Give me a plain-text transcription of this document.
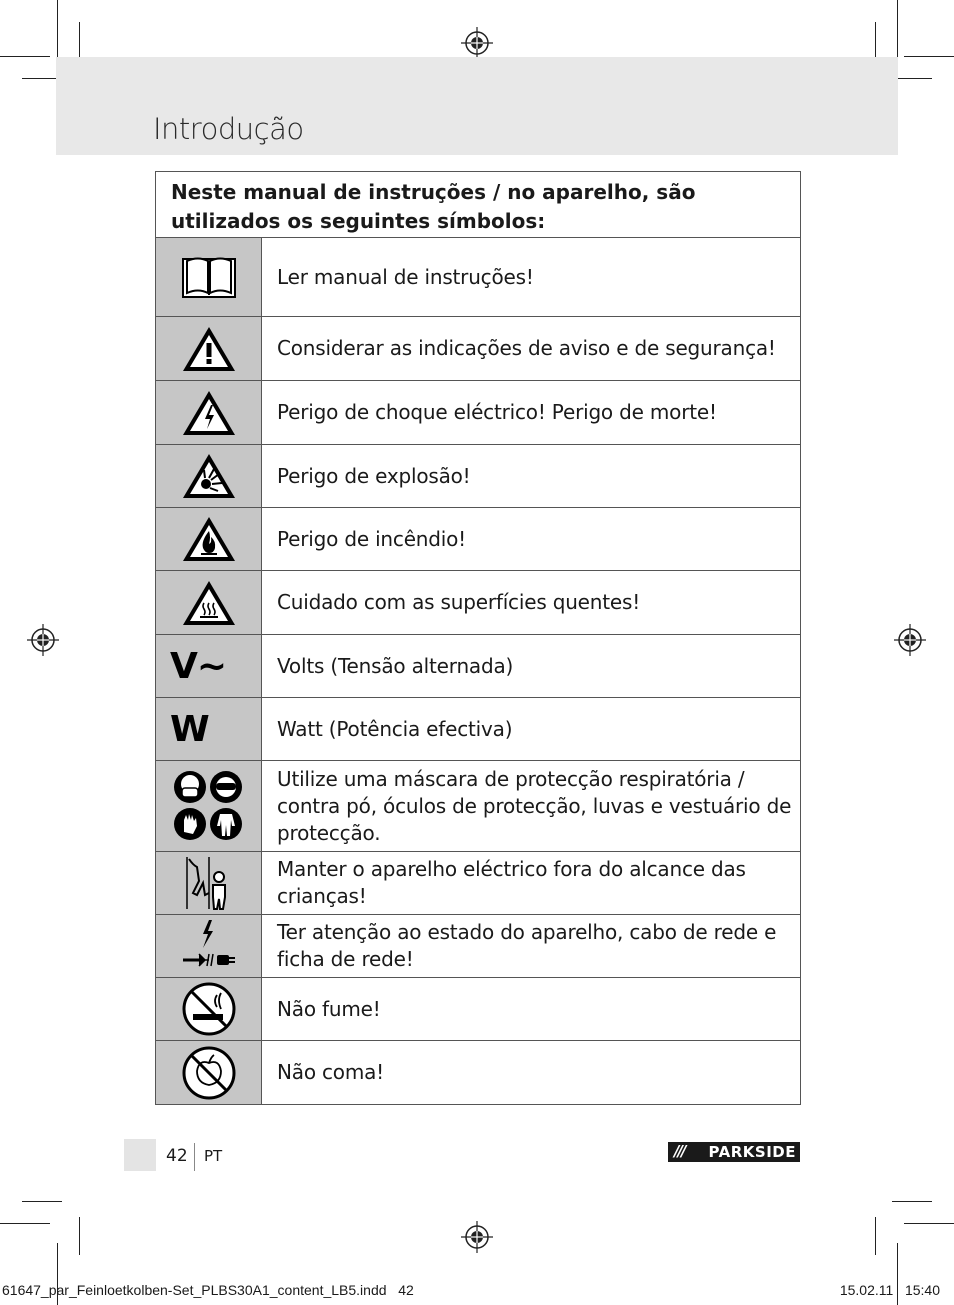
Introdução
Neste manual de instruções / no aparelho, são utilizados os seguintes símbolos:
Ler manual de instruções!
Considerar as indicações de aviso e de segurança!
Perigo de choque eléctrico! Perigo de morte!
Perigo de explosão!
Perigo de incêndio!
Cuidado com as superfícies quentes!
V~	Volts (Tensão alternada)
W	Watt (Potência efectiva)
Utilize uma máscara de protecção respiratória / contra pó, óculos de protecção, luvas e vestuário de protecção.
Manter o aparelho eléctrico fora do alcance das crianças!
Ter atenção ao estado do aparelho, cabo de rede e ficha de rede!
Não fume!
Não coma!
42 PT	/// PARKSIDE
61647_par_Feinloetkolben-Set_PLBS30A1_content_LB5.indd   42	15.02.11   15:40
